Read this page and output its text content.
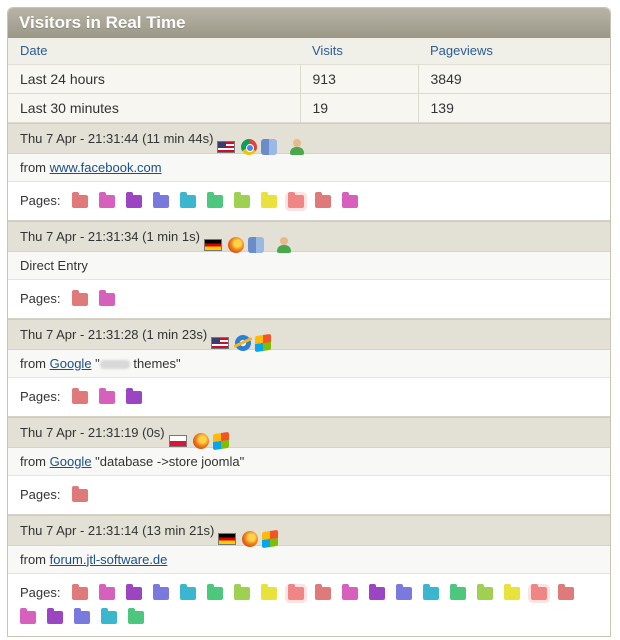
Visitors in Real Time
Date	Visits	Pageviews
Last 24 hours	913	3849
Last 30 minutes	19	139
Thu 7 Apr - 21:31:44 (11 min 44s)
from www.facebook.com
Pages:
Thu 7 Apr - 21:31:34 (1 min 1s)
Direct Entry
Pages:
Thu 7 Apr - 21:31:28 (1 min 23s)
from Google " themes"
Pages:
Thu 7 Apr - 21:31:19 (0s)
from Google "database ->store joomla"
Pages:
Thu 7 Apr - 21:31:14 (13 min 21s)
from forum.jtl-software.de
Pages:
